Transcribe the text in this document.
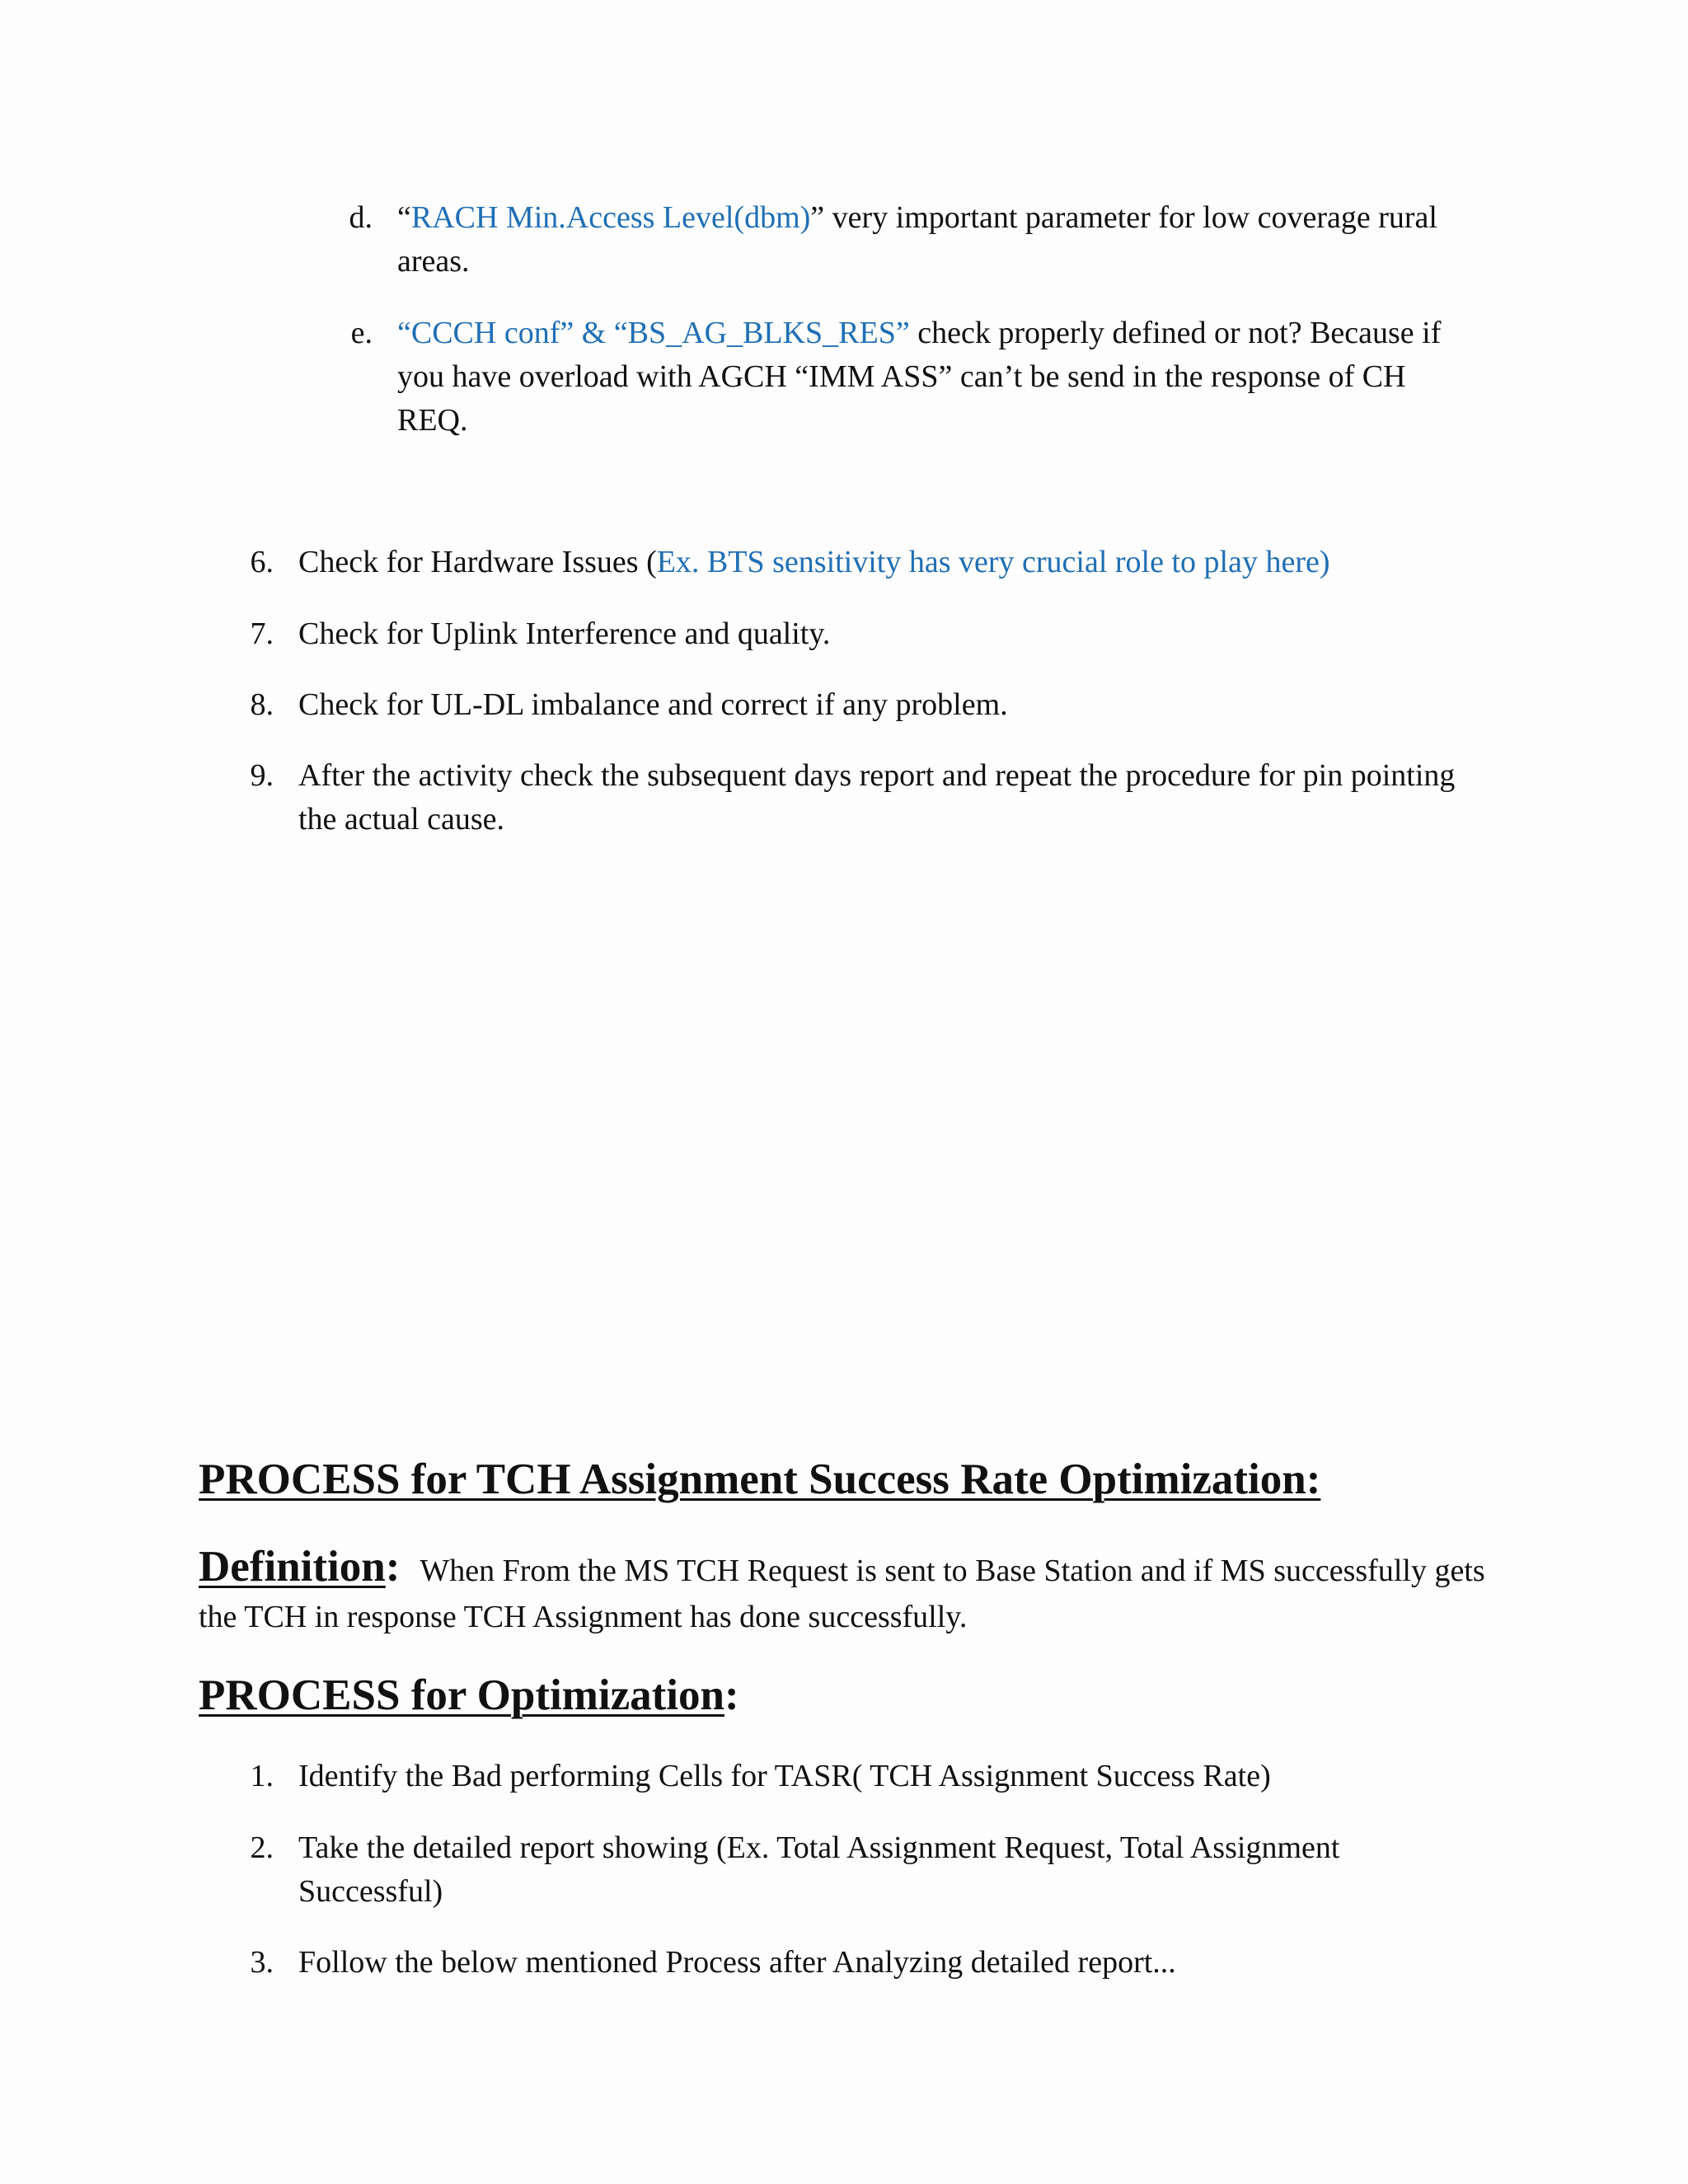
d. “RACH Min.Access Level(dbm)” very important parameter for low coverage rural areas.
e. “CCCH conf” & “BS_AG_BLKS_RES” check properly defined or not? Because if you have overload with AGCH “IMM ASS” can’t be send in the response of CH REQ.
6. Check for Hardware Issues (Ex. BTS sensitivity has very crucial role to play here)
7. Check for Uplink Interference and quality.
8. Check for UL-DL imbalance and correct if any problem.
9. After the activity check the subsequent days report and repeat the procedure for pin pointing the actual cause.
PROCESS for TCH Assignment Success Rate Optimization:
Definition: When From the MS TCH Request is sent to Base Station and if MS successfully gets the TCH in response TCH Assignment has done successfully.
PROCESS for Optimization:
1. Identify the Bad performing Cells for TASR( TCH Assignment Success Rate)
2. Take the detailed report showing (Ex. Total Assignment Request, Total Assignment Successful)
3. Follow the below mentioned Process after Analyzing detailed report...
